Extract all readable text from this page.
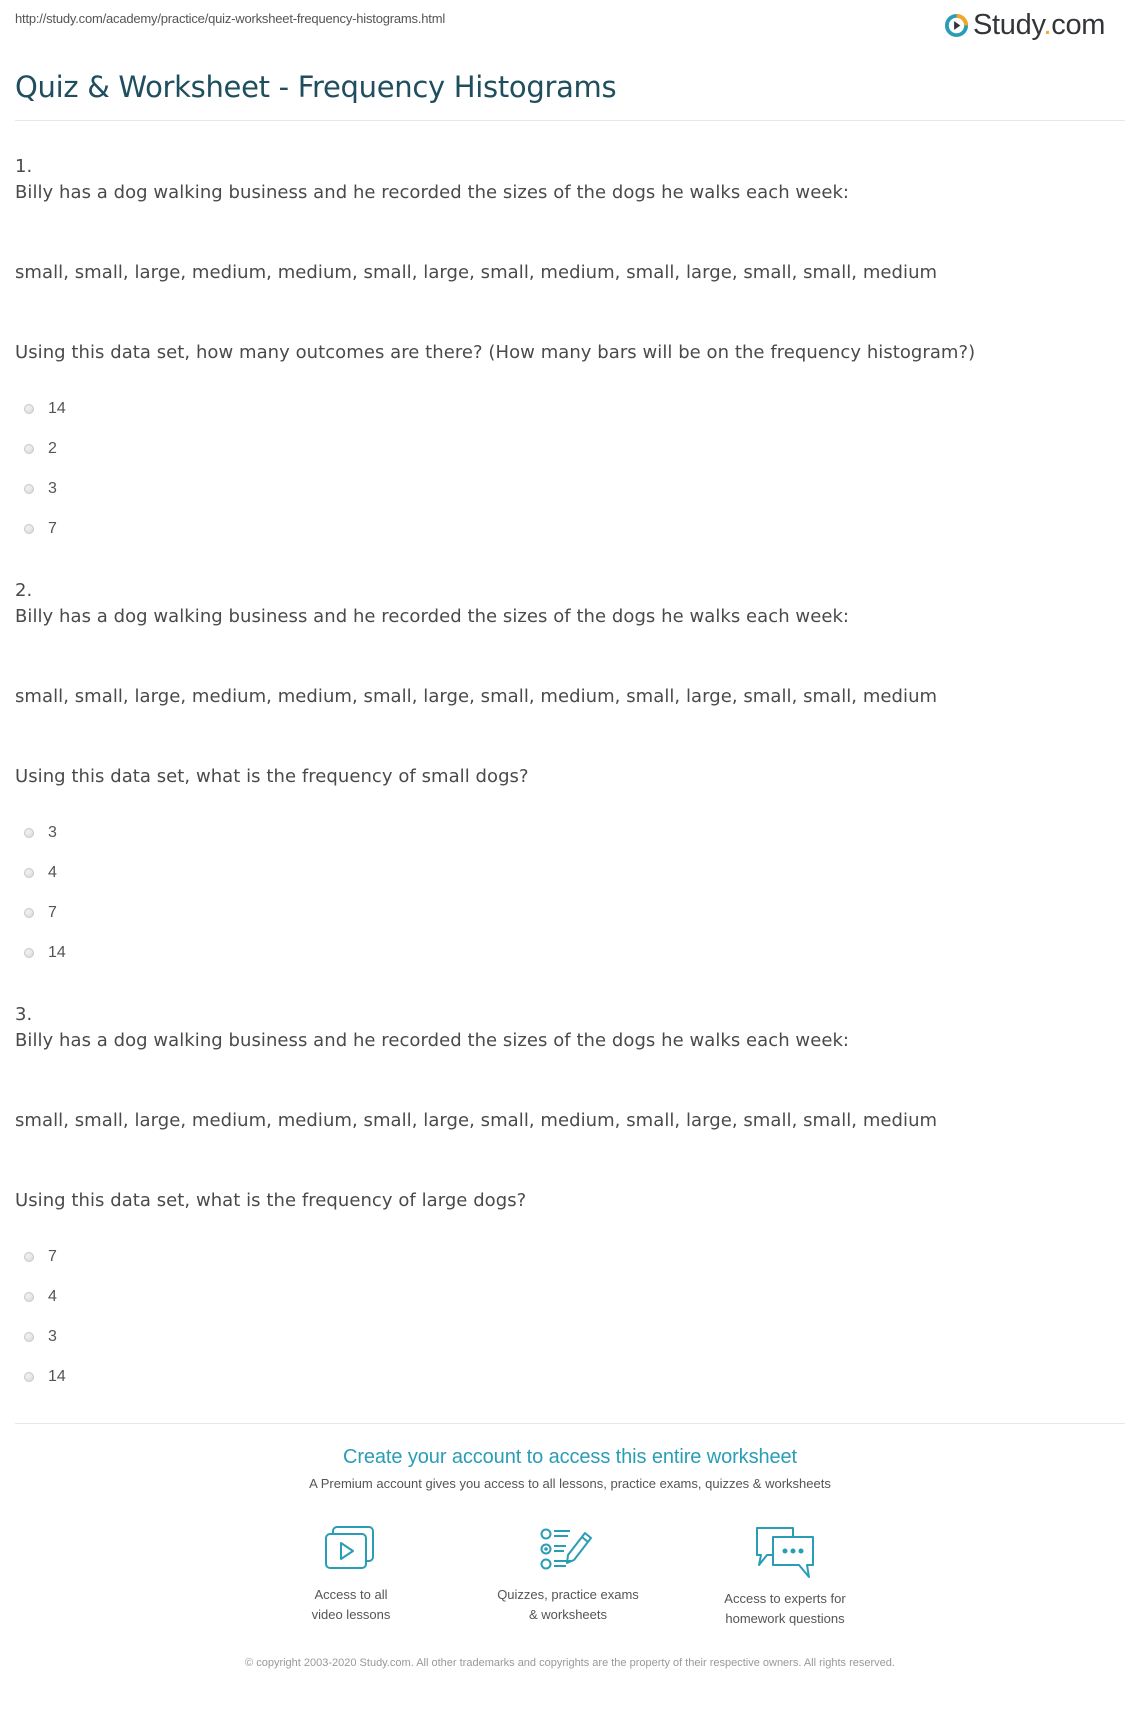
http://study.com/academy/practice/quiz-worksheet-frequency-histograms.html	Study.com
Quiz & Worksheet - Frequency Histograms
1.
Billy has a dog walking business and he recorded the sizes of the dogs he walks each week:
small, small, large, medium, medium, small, large, small, medium, small, large, small, small, medium
Using this data set, how many outcomes are there? (How many bars will be on the frequency histogram?)
14
2
3
7
2.
Billy has a dog walking business and he recorded the sizes of the dogs he walks each week:
small, small, large, medium, medium, small, large, small, medium, small, large, small, small, medium
Using this data set, what is the frequency of small dogs?
3
4
7
14
3.
Billy has a dog walking business and he recorded the sizes of the dogs he walks each week:
small, small, large, medium, medium, small, large, small, medium, small, large, small, small, medium
Using this data set, what is the frequency of large dogs?
7
4
3
14
Create your account to access this entire worksheet
A Premium account gives you access to all lessons, practice exams, quizzes & worksheets
Access to all
video lessons
Quizzes, practice exams
& worksheets
Access to experts for
homework questions
© copyright 2003-2020 Study.com. All other trademarks and copyrights are the property of their respective owners. All rights reserved.
